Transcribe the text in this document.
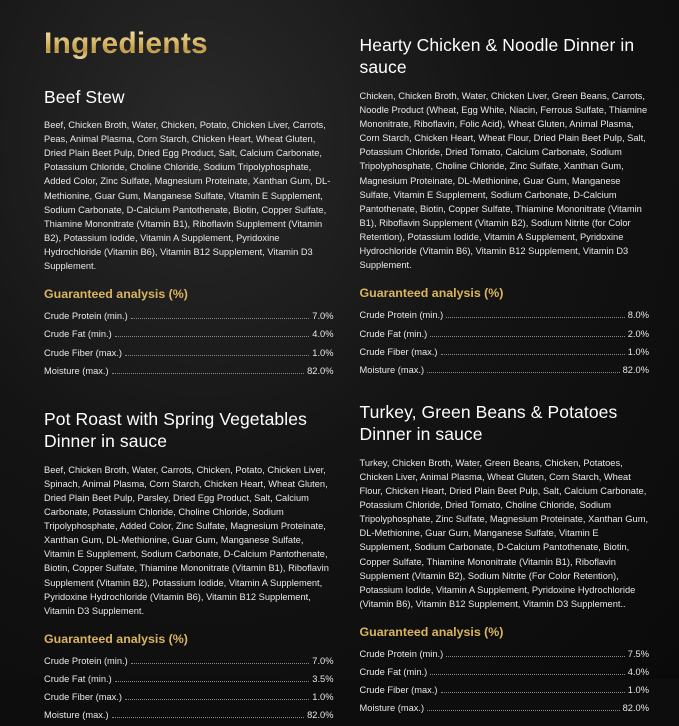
Ingredients
Beef Stew
Beef, Chicken Broth, Water, Chicken, Potato, Chicken Liver, Carrots, Peas, Animal Plasma, Corn Starch, Chicken Heart, Wheat Gluten, Dried Plain Beet Pulp, Dried Egg Product, Salt, Calcium Carbonate, Potassium Chloride, Choline Chloride, Sodium Tripolyphosphate, Added Color, Zinc Sulfate, Magnesium Proteinate, Xanthan Gum, DL-Methionine, Guar Gum, Manganese Sulfate, Vitamin E Supplement, Sodium Carbonate, D-Calcium Pantothenate, Biotin, Copper Sulfate, Thiamine Mononitrate (Vitamin B1), Riboflavin Supplement (Vitamin B2), Potassium Iodide, Vitamin A Supplement, Pyridoxine Hydrochloride (Vitamin B6), Vitamin B12 Supplement, Vitamin D3 Supplement.
Guaranteed analysis (%)
Crude Protein (min.)	7.0%
Crude Fat (min.)	4.0%
Crude Fiber (max.)	1.0%
Moisture (max.)	82.0%
Pot Roast with Spring Vegetables Dinner in sauce
Beef, Chicken Broth, Water, Carrots, Chicken, Potato, Chicken Liver, Spinach, Animal Plasma, Corn Starch, Chicken Heart, Wheat Gluten, Dried Plain Beet Pulp, Parsley, Dried Egg Product, Salt, Calcium Carbonate, Potassium Chloride, Choline Chloride, Sodium Tripolyphosphate, Added Color, Zinc Sulfate, Magnesium Proteinate, Xanthan Gum, DL-Methionine, Guar Gum, Manganese Sulfate, Vitamin E Supplement, Sodium Carbonate, D-Calcium Pantothenate, Biotin, Copper Sulfate, Thiamine Mononitrate (Vitamin B1), Riboflavin Supplement (Vitamin B2), Potassium Iodide, Vitamin A Supplement, Pyridoxine Hydrochloride (Vitamin B6), Vitamin B12 Supplement, Vitamin D3 Supplement.
Guaranteed analysis (%)
Crude Protein (min.)	7.0%
Crude Fat (min.)	3.5%
Crude Fiber (max.)	1.0%
Moisture (max.)	82.0%
Hearty Chicken & Noodle Dinner in sauce
Chicken, Chicken Broth, Water, Chicken Liver, Green Beans, Carrots, Noodle Product (Wheat, Egg White, Niacin, Ferrous Sulfate, Thiamine Mononitrate, Riboflavin, Folic Acid), Wheat Gluten, Animal Plasma, Corn Starch, Chicken Heart, Wheat Flour, Dried Plain Beet Pulp, Salt, Potassium Chloride, Dried Tomato, Calcium Carbonate, Sodium Tripolyphosphate, Choline Chloride, Zinc Sulfate, Xanthan Gum, Magnesium Proteinate, DL-Methionine, Guar Gum, Manganese Sulfate, Vitamin E Supplement, Sodium Carbonate, D-Calcium Pantothenate, Biotin, Copper Sulfate, Thiamine Mononitrate (Vitamin B1), Riboflavin Supplement (Vitamin B2), Sodium Nitrite (for Color Retention), Potassium Iodide, Vitamin A Supplement, Pyridoxine Hydrochloride (Vitamin B6), Vitamin B12 Supplement, Vitamin D3 Supplement.
Guaranteed analysis (%)
Crude Protein (min.)	8.0%
Crude Fat (min.)	2.0%
Crude Fiber (max.)	1.0%
Moisture (max.)	82.0%
Turkey, Green Beans & Potatoes Dinner in sauce
Turkey, Chicken Broth, Water, Green Beans, Chicken, Potatoes, Chicken Liver, Animal Plasma, Wheat Gluten, Corn Starch, Wheat Flour, Chicken Heart, Dried Plain Beet Pulp, Salt, Calcium Carbonate, Potassium Chloride, Dried Tomato, Choline Chloride, Sodium Tripolyphosphate, Zinc Sulfate, Magnesium Proteinate, Xanthan Gum, DL-Methionine, Guar Gum, Manganese Sulfate, Vitamin E Supplement, Sodium Carbonate, D-Calcium Pantothenate, Biotin, Copper Sulfate, Thiamine Mononitrate (Vitamin B1), Riboflavin Supplement (Vitamin B2), Sodium Nitrite (For Color Retention), Potassium Iodide, Vitamin A Supplement, Pyridoxine Hydrochloride (Vitamin B6), Vitamin B12 Supplement, Vitamin D3 Supplement..
Guaranteed analysis (%)
Crude Protein (min.)	7.5%
Crude Fat (min.)	4.0%
Crude Fiber (max.)	1.0%
Moisture (max.)	82.0%
